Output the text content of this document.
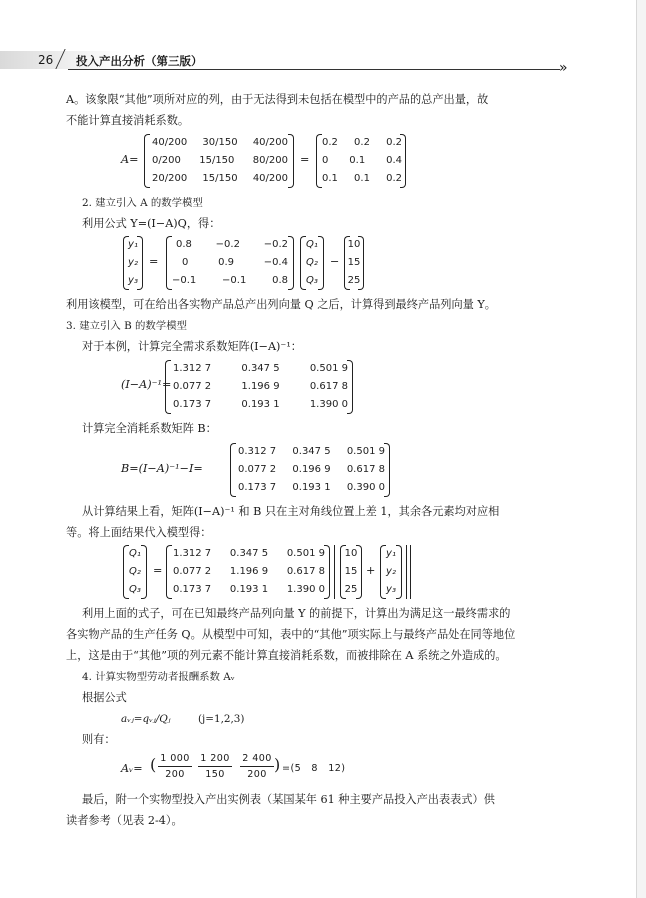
26 投入产出分析（第三版）	»
A。该象限“其他”项所对应的列，由于无法得到未包括在模型中的产品的总产出量，故
不能计算直接消耗系数。
A=
40/200 30/150 40/200
0/200 15/150 80/200
20/200 15/150 40/200
=
0.2 0.2 0.2
0 0.1 0.4
0.1 0.1 0.2
2. 建立引入 A 的数学模型
利用公式 Y=(I−A)Q，得：
y₁
y₂
y₃
=
0.8 −0.2 −0.2
0	0.9	−0.4
−0.1	−0.1	0.8
Q₁
Q₂
Q₃
−
10
15
25
利用该模型，可在给出各实物产品总产出列向量 Q 之后，计算得到最终产品列向量 Y。
3. 建立引入 B 的数学模型
对于本例，计算完全需求系数矩阵(I−A)⁻¹：
(I−A)⁻¹=
1.312 7	0.347 5	0.501 9
0.077 2	1.196 9	0.617 8
0.173 7	0.193 1	1.390 0
计算完全消耗系数矩阵 B：
B=(I−A)⁻¹−I=
0.312 7 0.347 5 0.501 9
0.077 2 0.196 9 0.617 8
0.173 7 0.193 1 0.390 0
从计算结果上看，矩阵(I−A)⁻¹ 和 B 只在主对角线位置上差 1，其余各元素均对应相
等。将上面结果代入模型得：
Q₁
Q₂
Q₃
=
1.312 7 0.347 5 0.501 9
0.077 2 1.196 9 0.617 8
0.173 7 0.193 1 1.390 0
10
15
25
+
y₁
y₂
y₃
利用上面的式子，可在已知最终产品列向量 Y 的前提下，计算出为满足这一最终需求的
各实物产品的生产任务 Q。从模型中可知，表中的“其他”项实际上与最终产品处在同等地位
上，这是由于“其他”项的列元素不能计算直接消耗系数，而被排除在 A 系统之外造成的。
4. 计算实物型劳动者报酬系数 Aᵥ
根据公式
aᵥⱼ=qᵥⱼ/Qⱼ	(j=1,2,3)
则有：
Aᵥ= ( 1 000
200
1 200
150
2 400
200
) =(5   8   12)
最后，附一个实物型投入产出实例表（某国某年 61 种主要产品投入产出表表式）供
读者参考（见表 2-4）。
